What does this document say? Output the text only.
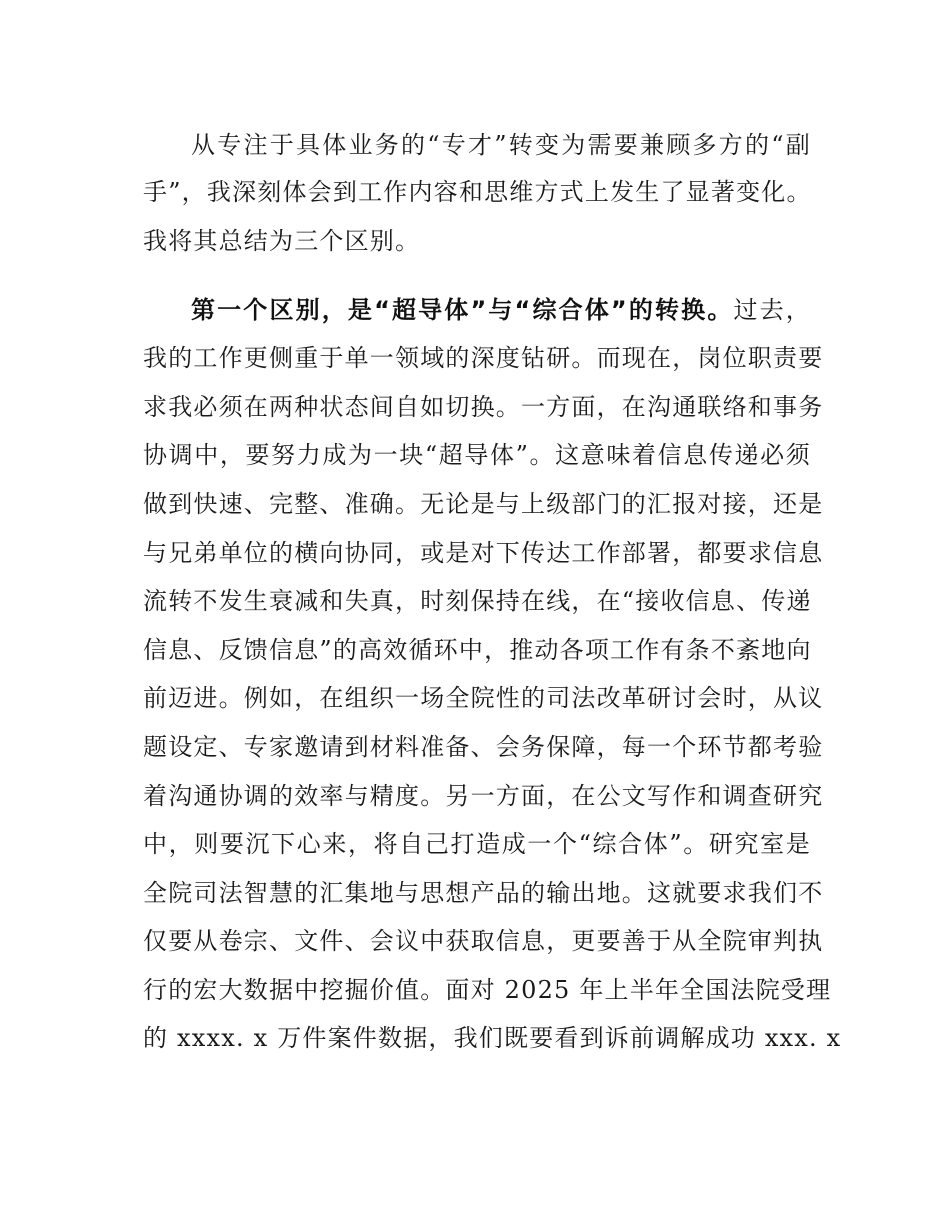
从专注于具体业务的“专才”转变为需要兼顾多方的“副
手”，我深刻体会到工作内容和思维方式上发生了显著变化。
我将其总结为三个区别。
第一个区别，是“超导体”与“综合体”的转换。过去，
我的工作更侧重于单一领域的深度钻研。而现在，岗位职责要
求我必须在两种状态间自如切换。一方面，在沟通联络和事务
协调中，要努力成为一块“超导体”。这意味着信息传递必须
做到快速、完整、准确。无论是与上级部门的汇报对接，还是
与兄弟单位的横向协同，或是对下传达工作部署，都要求信息
流转不发生衰减和失真，时刻保持在线，在“接收信息、传递
信息、反馈信息”的高效循环中，推动各项工作有条不紊地向
前迈进。例如，在组织一场全院性的司法改革研讨会时，从议
题设定、专家邀请到材料准备、会务保障，每一个环节都考验
着沟通协调的效率与精度。另一方面，在公文写作和调查研究
中，则要沉下心来，将自己打造成一个“综合体”。研究室是
全院司法智慧的汇集地与思想产品的输出地。这就要求我们不
仅要从卷宗、文件、会议中获取信息，更要善于从全院审判执
行的宏大数据中挖掘价值。面对 2025 年上半年全国法院受理
的 xxxx. x 万件案件数据，我们既要看到诉前调解成功 xxx. x
